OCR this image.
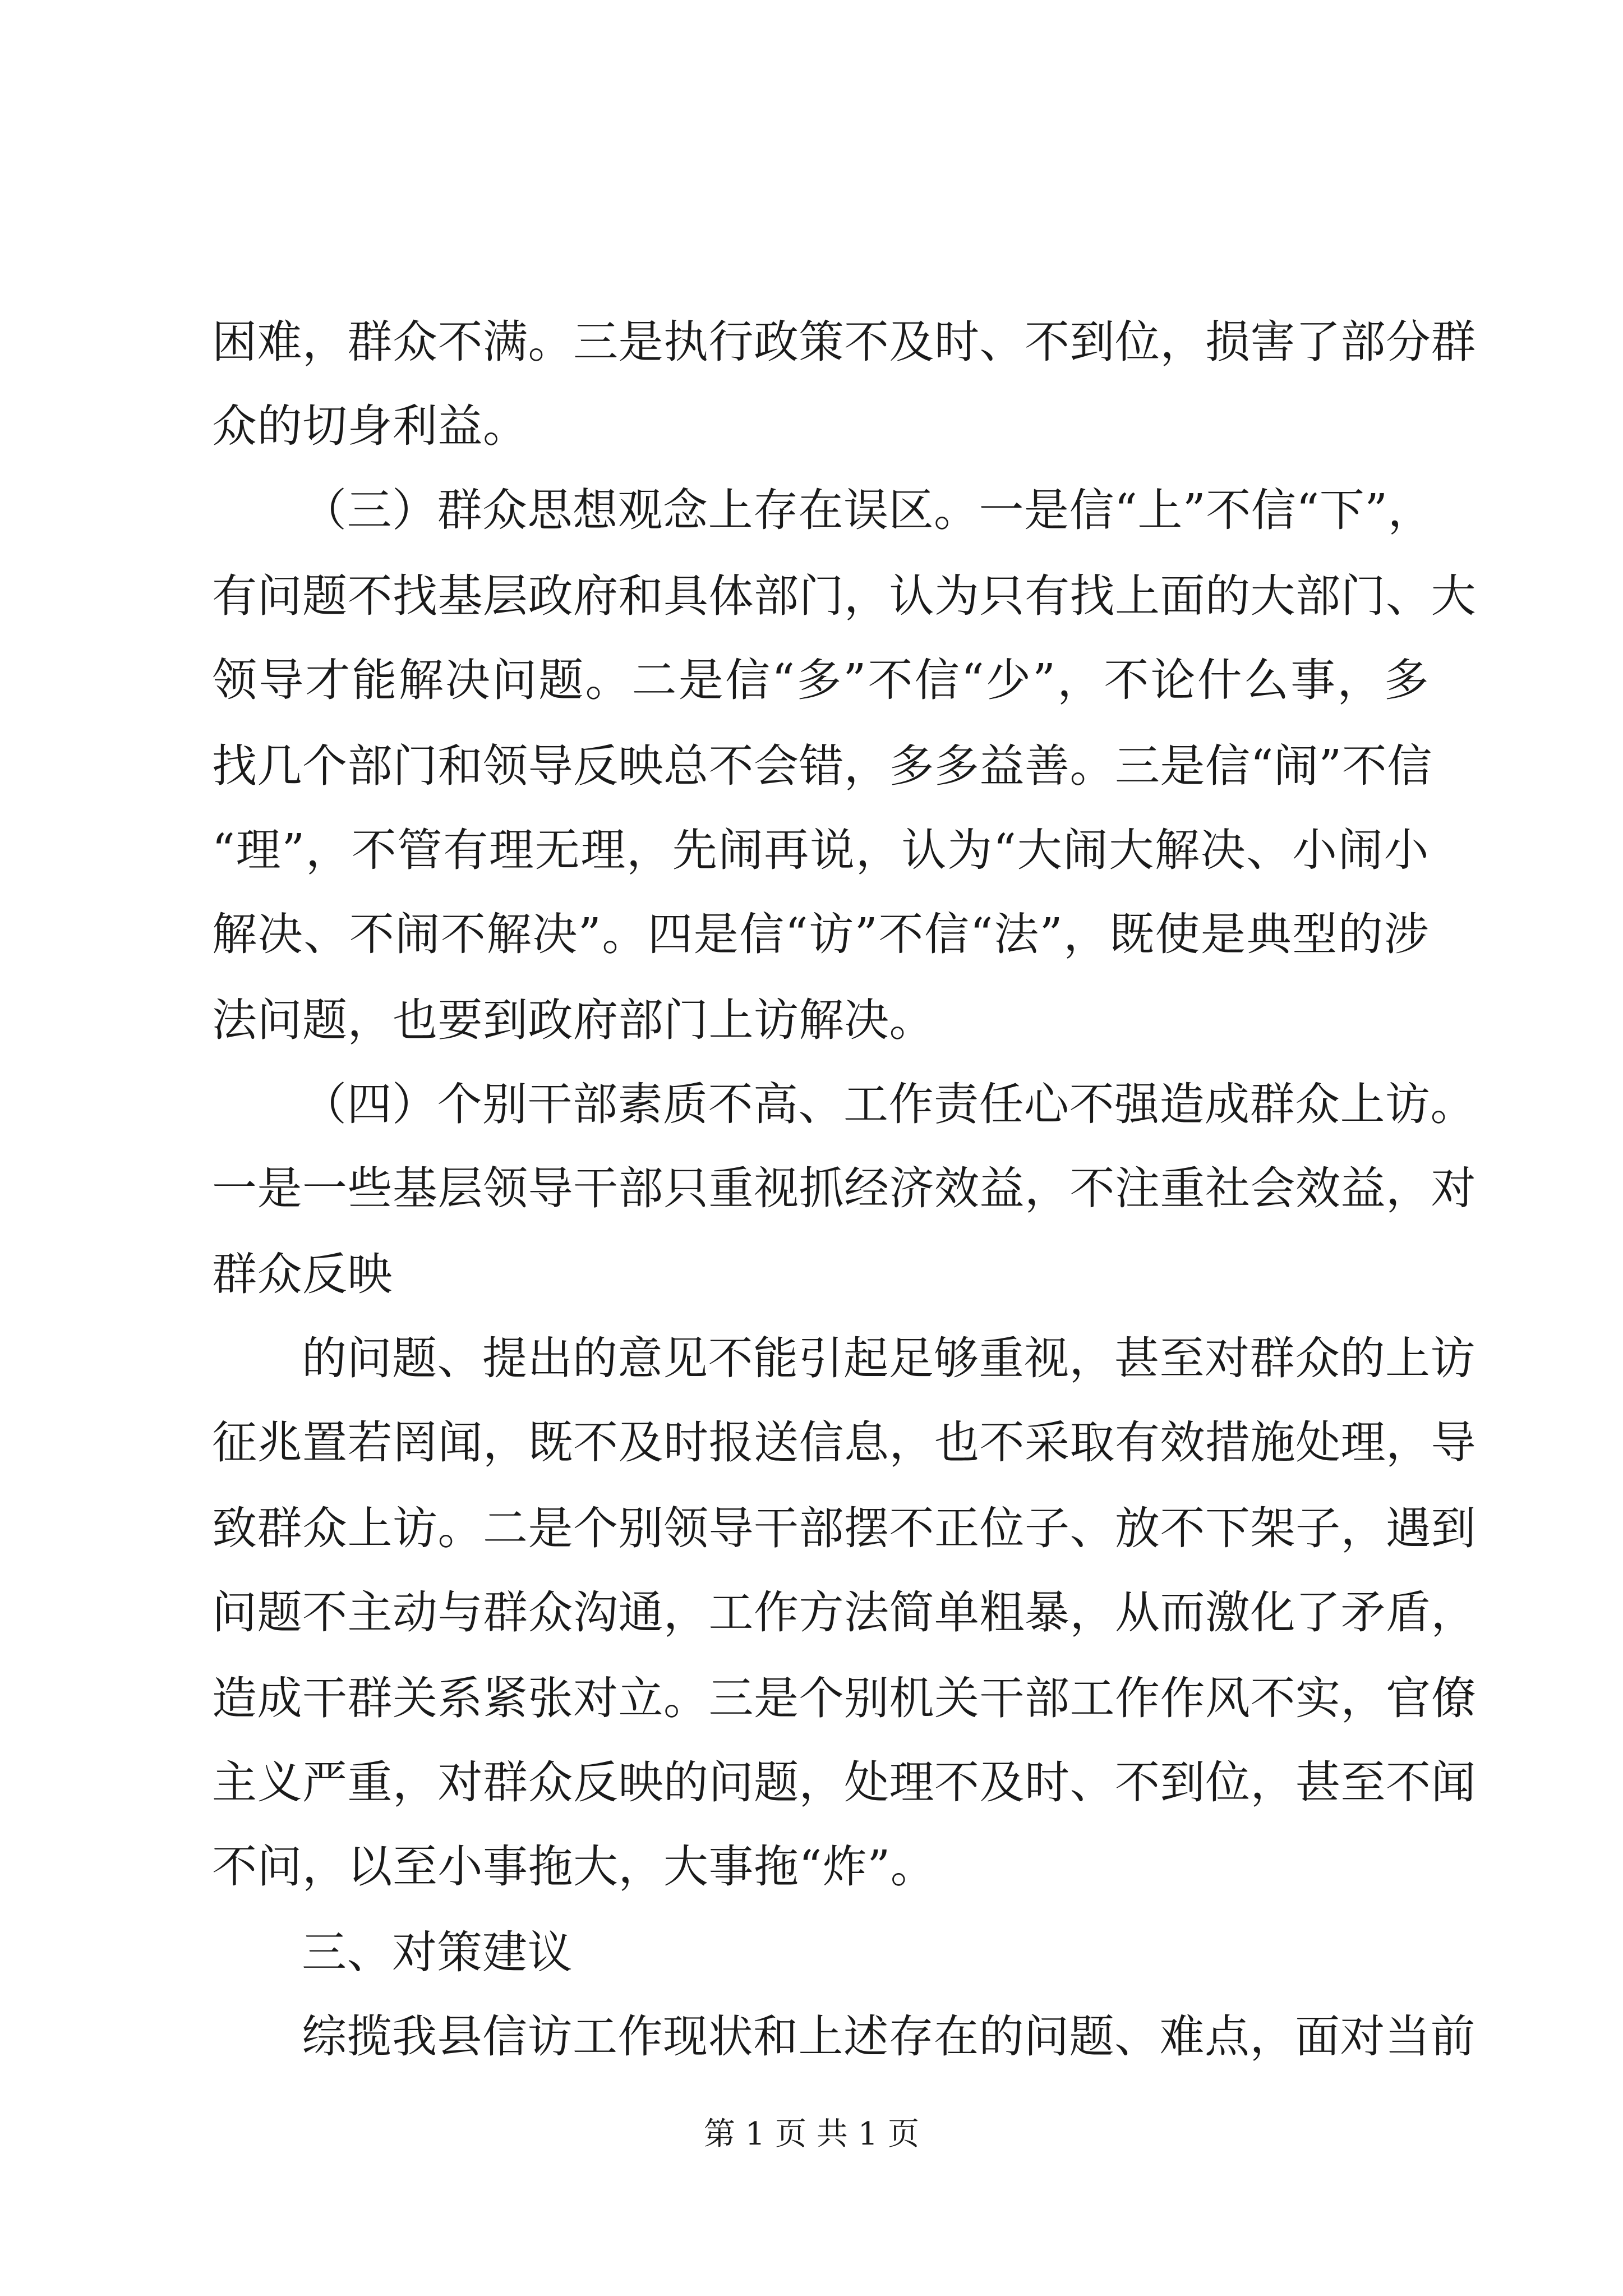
困难，群众不满。三是执行政策不及时、不到位，损害了部分群
众的切身利益。
（三）群众思想观念上存在误区。一是信“上”不信“下”，
有问题不找基层政府和具体部门，认为只有找上面的大部门、大
领导才能解决问题。二是信“多”不信“少”，不论什么事，多
找几个部门和领导反映总不会错，多多益善。三是信“闹”不信
“理”，不管有理无理，先闹再说，认为“大闹大解决、小闹小
解决、不闹不解决”。四是信“访”不信“法”，既使是典型的涉
法问题，也要到政府部门上访解决。
（四）个别干部素质不高、工作责任心不强造成群众上访。
一是一些基层领导干部只重视抓经济效益，不注重社会效益，对
群众反映
的问题、提出的意见不能引起足够重视，甚至对群众的上访
征兆置若罔闻，既不及时报送信息，也不采取有效措施处理，导
致群众上访。二是个别领导干部摆不正位子、放不下架子，遇到
问题不主动与群众沟通，工作方法简单粗暴，从而激化了矛盾，
造成干群关系紧张对立。三是个别机关干部工作作风不实，官僚
主义严重，对群众反映的问题，处理不及时、不到位，甚至不闻
不问，以至小事拖大，大事拖“炸”。
三、对策建议
综揽我县信访工作现状和上述存在的问题、难点，面对当前
第 1 页 共 1 页
